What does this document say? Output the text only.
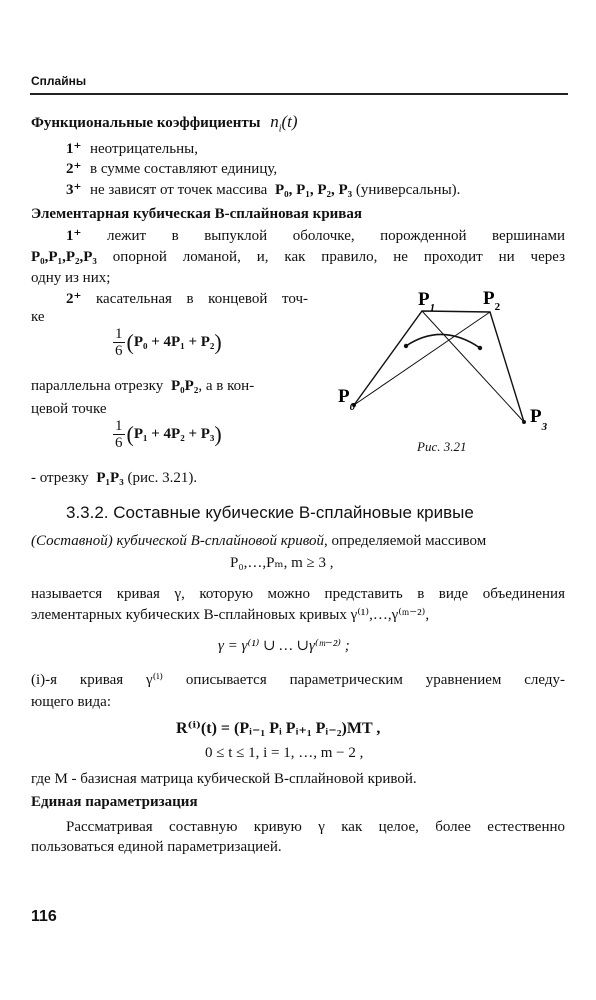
Сплайны
Функциональные коэффициенты $n_i(t)$
1⁺ неотрицательны,
2⁺ в сумме составляют единицу,
3⁺ не зависят от точек массива P₀, P₁, P₂, P₃ (универсальны).
Элементарная кубическая B-сплайновая кривая
1⁺ лежит в выпуклой оболочке, порожденной вершинами
P₀,P₁,P₂,P₃ опорной ломаной, и, как правило, не проходит ни через
одну из них;
2⁺ касательная в концевой точ-
ке
$\frac{1}{6} (P_0 + 4P_1 + P_2)$
параллельна отрезку P₀P₂, а в кон-
цевой точке
$\frac{1}{6} (P_1 + 4P_2 + P_3)$
- отрезку P₁P₃ (рис. 3.21).
$P_0$
$P_1$	$P_2$
$P_3$
Рис. 3.21
3.3.2. Составные кубические B-сплайновые кривые
(Составной) кубической B-сплайновой кривой, определяемой массивом
P₀,…,Pₘ, m ≥ 3 ,
называется кривая γ, которую можно представить в виде объединения
элементарных кубических B-сплайновых кривых γ⁽¹⁾,…,γ⁽ᵐ⁻²⁾,
γ = γ⁽¹⁾ ∪ … ∪γ⁽ᵐ⁻²⁾ ;
(i)-я кривая γ⁽ⁱ⁾ описывается параметрическим уравнением следу-
ющего вида:
R⁽ⁱ⁾(t) = (Pᵢ₋₁ Pᵢ Pᵢ₊₁ Pᵢ₋₂)MT ,
0 ≤ t ≤ 1, i = 1, …, m − 2 ,
где M - базисная матрица кубической B-сплайновой кривой.
Единая параметризация
Рассматривая составную кривую γ как целое, более естественно
пользоваться единой параметризацией.
116
